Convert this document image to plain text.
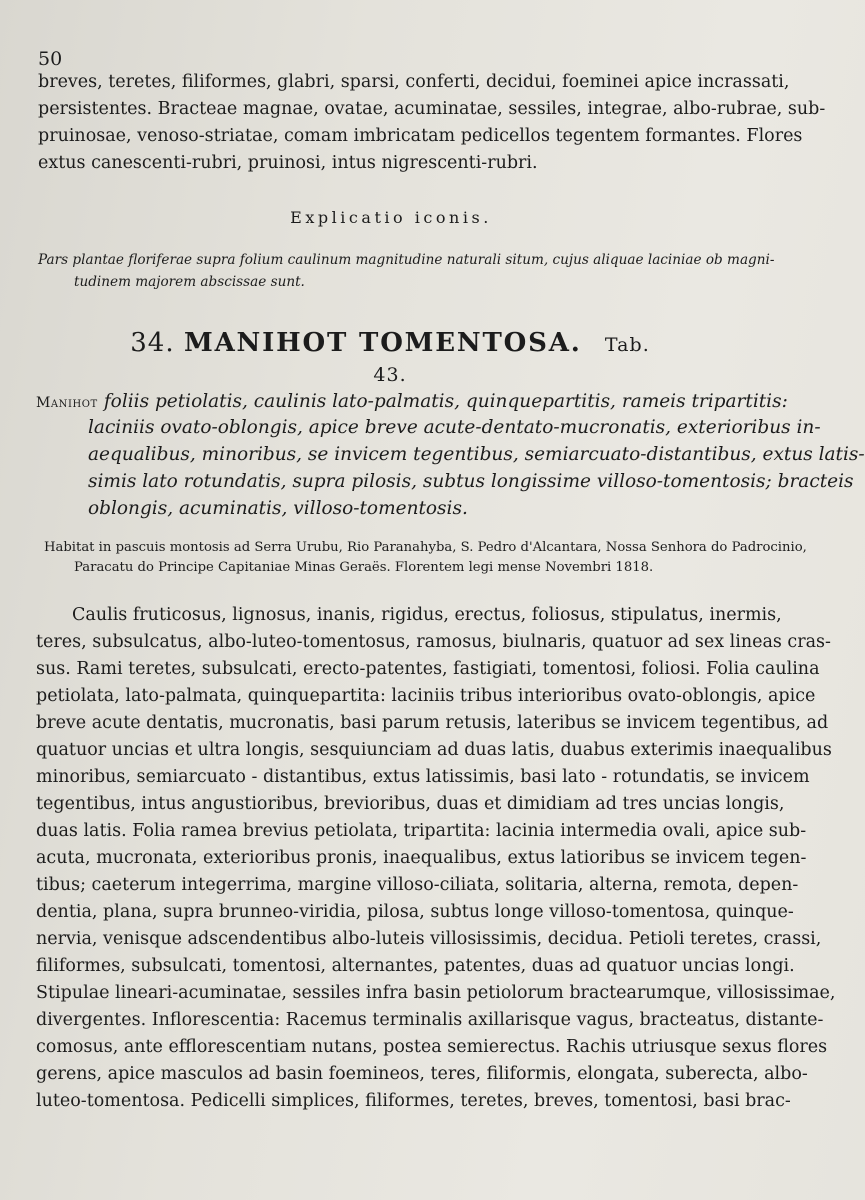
50
breves, teretes, filiformes, glabri, sparsi, conferti, decidui, foeminei apice incrassati,
persistentes. Bracteae magnae, ovatae, acuminatae, sessiles, integrae, albo-rubrae, sub-
pruinosae, venoso-striatae, comam imbricatam pedicellos tegentem formantes. Flores
extus canescenti-rubri, pruinosi, intus nigrescenti-rubri.
Explicatio iconis.
Pars plantae floriferae supra folium caulinum magnitudine naturali situm, cujus aliquae laciniae ob magni-
tudinem majorem abscissae sunt.
34. MANIHOT TOMENTOSA. Tab. 43.
Manihot foliis petiolatis, caulinis lato-palmatis, quinquepartitis, rameis tripartitis:
laciniis ovato-oblongis, apice breve acute-dentato-mucronatis, exterioribus in-
aequalibus, minoribus, se invicem tegentibus, semiarcuato-distantibus, extus latis-
simis lato rotundatis, supra pilosis, subtus longissime villoso-tomentosis; bracteis
oblongis, acuminatis, villoso-tomentosis.
Habitat in pascuis montosis ad Serra Urubu, Rio Paranahyba, S. Pedro d'Alcantara, Nossa Senhora do Padrocinio,
Paracatu do Principe Capitaniae Minas Geraës. Florentem legi mense Novembri 1818.
Caulis fruticosus, lignosus, inanis, rigidus, erectus, foliosus, stipulatus, inermis,
teres, subsulcatus, albo-luteo-tomentosus, ramosus, biulnaris, quatuor ad sex lineas cras-
sus. Rami teretes, subsulcati, erecto-patentes, fastigiati, tomentosi, foliosi. Folia caulina
petiolata, lato-palmata, quinquepartita: laciniis tribus interioribus ovato-oblongis, apice
breve acute dentatis, mucronatis, basi parum retusis, lateribus se invicem tegentibus, ad
quatuor uncias et ultra longis, sesquiunciam ad duas latis, duabus exterimis inaequalibus
minoribus, semiarcuato - distantibus, extus latissimis, basi lato - rotundatis, se invicem
tegentibus, intus angustioribus, brevioribus, duas et dimidiam ad tres uncias longis,
duas latis. Folia ramea brevius petiolata, tripartita: lacinia intermedia ovali, apice sub-
acuta, mucronata, exterioribus pronis, inaequalibus, extus latioribus se invicem tegen-
tibus; caeterum integerrima, margine villoso-ciliata, solitaria, alterna, remota, depen-
dentia, plana, supra brunneo-viridia, pilosa, subtus longe villoso-tomentosa, quinque-
nervia, venisque adscendentibus albo-luteis villosissimis, decidua. Petioli teretes, crassi,
filiformes, subsulcati, tomentosi, alternantes, patentes, duas ad quatuor uncias longi.
Stipulae lineari-acuminatae, sessiles infra basin petiolorum bractearumque, villosissimae,
divergentes. Inflorescentia: Racemus terminalis axillarisque vagus, bracteatus, distante-
comosus, ante efflorescentiam nutans, postea semierectus. Rachis utriusque sexus flores
gerens, apice masculos ad basin foemineos, teres, filiformis, elongata, suberecta, albo-
luteo-tomentosa. Pedicelli simplices, filiformes, teretes, breves, tomentosi, basi brac-
